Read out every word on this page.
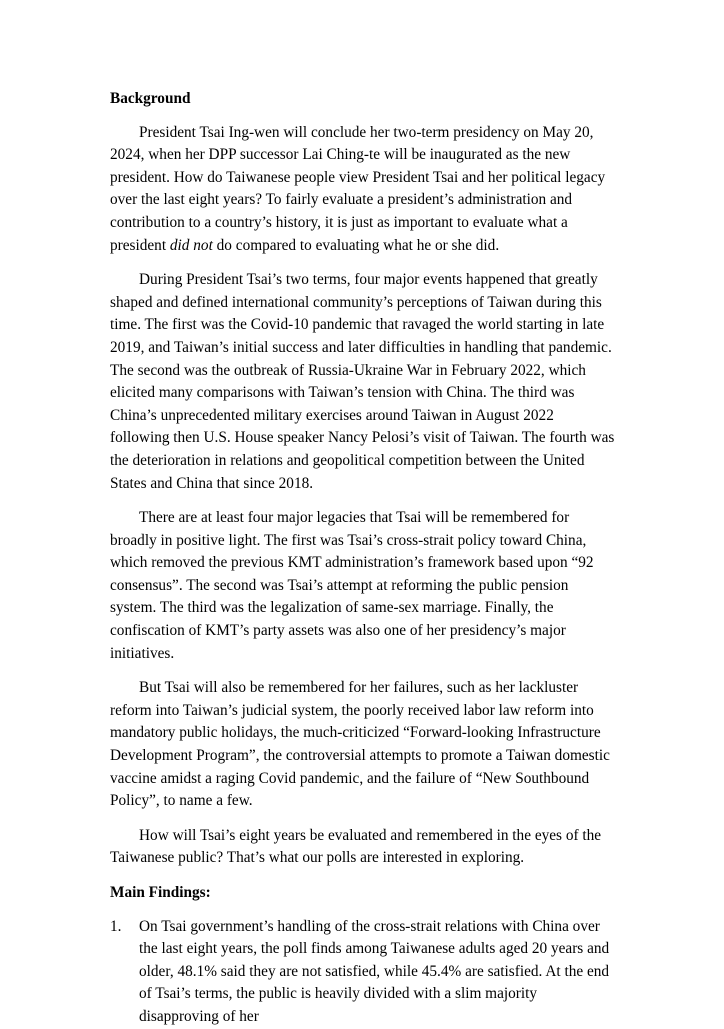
Background

President Tsai Ing-wen will conclude her two-term presidency on May 20, 2024, when her DPP successor Lai Ching-te will be inaugurated as the new president. How do Taiwanese people view President Tsai and her political legacy over the last eight years? To fairly evaluate a president’s administration and contribution to a country’s history, it is just as important to evaluate what a president did not do compared to evaluating what he or she did.

During President Tsai’s two terms, four major events happened that greatly shaped and defined international community’s perceptions of Taiwan during this time. The first was the Covid-10 pandemic that ravaged the world starting in late 2019, and Taiwan’s initial success and later difficulties in handling that pandemic. The second was the outbreak of Russia-Ukraine War in February 2022, which elicited many comparisons with Taiwan’s tension with China. The third was China’s unprecedented military exercises around Taiwan in August 2022 following then U.S. House speaker Nancy Pelosi’s visit of Taiwan. The fourth was the deterioration in relations and geopolitical competition between the United States and China that since 2018.

There are at least four major legacies that Tsai will be remembered for broadly in positive light. The first was Tsai’s cross-strait policy toward China, which removed the previous KMT administration’s framework based upon “92 consensus”. The second was Tsai’s attempt at reforming the public pension system. The third was the legalization of same-sex marriage. Finally, the confiscation of KMT’s party assets was also one of her presidency’s major initiatives.

But Tsai will also be remembered for her failures, such as her lackluster reform into Taiwan’s judicial system, the poorly received labor law reform into mandatory public holidays, the much-criticized “Forward-looking Infrastructure Development Program”, the controversial attempts to promote a Taiwan domestic vaccine amidst a raging Covid pandemic, and the failure of “New Southbound Policy”, to name a few.

How will Tsai’s eight years be evaluated and remembered in the eyes of the Taiwanese public? That’s what our polls are interested in exploring.

Main Findings:
1. On Tsai government’s handling of the cross-strait relations with China over the last eight years, the poll finds among Taiwanese adults aged 20 years and older, 48.1% said they are not satisfied, while 45.4% are satisfied. At the end of Tsai’s terms, the public is heavily divided with a slim majority disapproving of her
